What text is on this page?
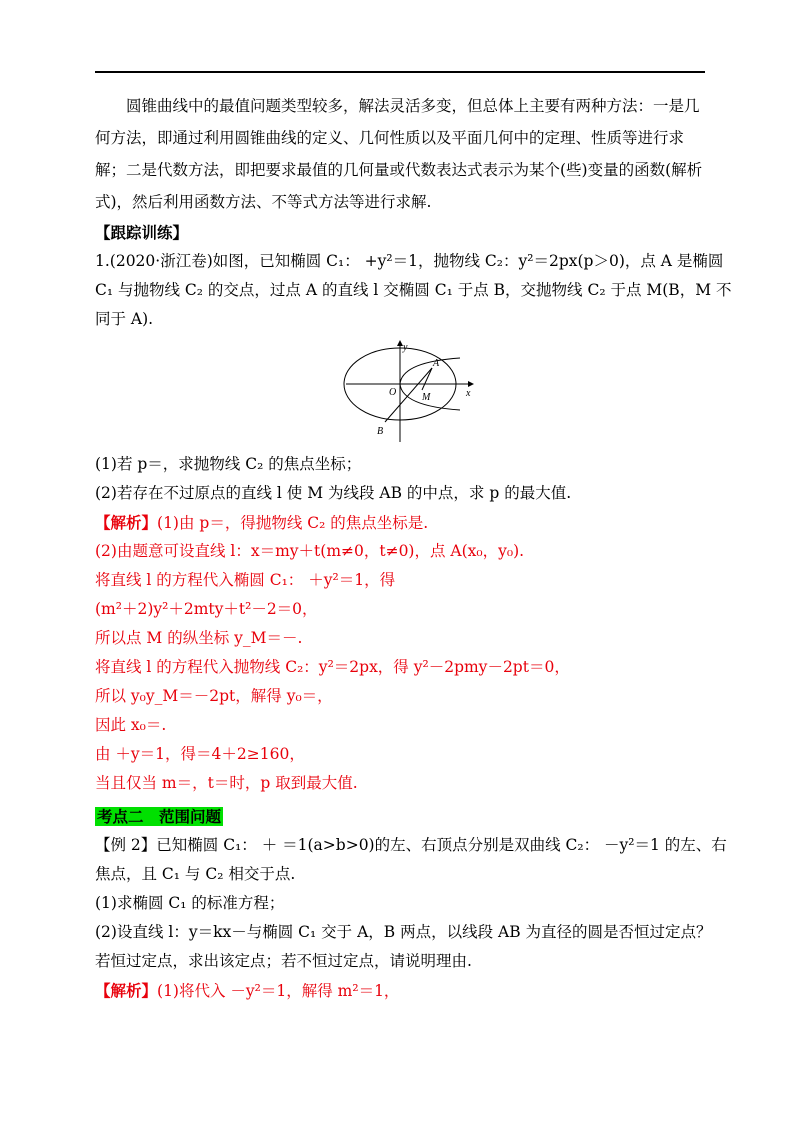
圆锥曲线中的最值问题类型较多，解法灵活多变，但总体上主要有两种方法：一是几何方法，即通过利用圆锥曲线的定义、几何性质以及平面几何中的定理、性质等进行求解；二是代数方法，即把要求最值的几何量或代数表达式表示为某个(些)变量的函数(解析式)，然后利用函数方法、不等式方法等进行求解.

【跟踪训练】
1.(2020·浙江卷)如图，已知椭圆 C₁： +y²＝1，抛物线 C₂：y²＝2px(p＞0)，点 A 是椭圆
C₁ 与抛物线 C₂ 的交点，过点 A 的直线 l 交椭圆 C₁ 于点 B，交抛物线 C₂ 于点 M(B，M 不
同于 A).
y
x
O
A
B
M
(1)若 p＝，求抛物线 C₂ 的焦点坐标；
(2)若存在不过原点的直线 l 使 M 为线段 AB 的中点，求 p 的最大值.
【解析】(1)由 p＝，得抛物线 C₂ 的焦点坐标是.
(2)由题意可设直线 l：x＝my＋t(m≠0，t≠0)，点 A(x₀，y₀).
将直线 l 的方程代入椭圆 C₁： ＋y²＝1，得
(m²＋2)y²＋2mty＋t²－2＝0，
所以点 M 的纵坐标 y_M＝－.
将直线 l 的方程代入抛物线 C₂：y²＝2px，得 y²－2pmy－2pt＝0，
所以 y₀y_M＝－2pt，解得 y₀＝，
因此 x₀＝.
由 ＋y＝1，得＝4＋2≥160，
当且仅当 m＝，t＝时，p 取到最大值.
考点二　范围问题
【例 2】已知椭圆 C₁： ＋ ＝1(a>b>0)的左、右顶点分别是双曲线 C₂： －y²＝1 的左、右
焦点，且 C₁ 与 C₂ 相交于点.
(1)求椭圆 C₁ 的标准方程；
(2)设直线 l：y＝kx－与椭圆 C₁ 交于 A，B 两点，以线段 AB 为直径的圆是否恒过定点？
若恒过定点，求出该定点；若不恒过定点，请说明理由.
【解析】(1)将代入 －y²＝1，解得 m²＝1，
